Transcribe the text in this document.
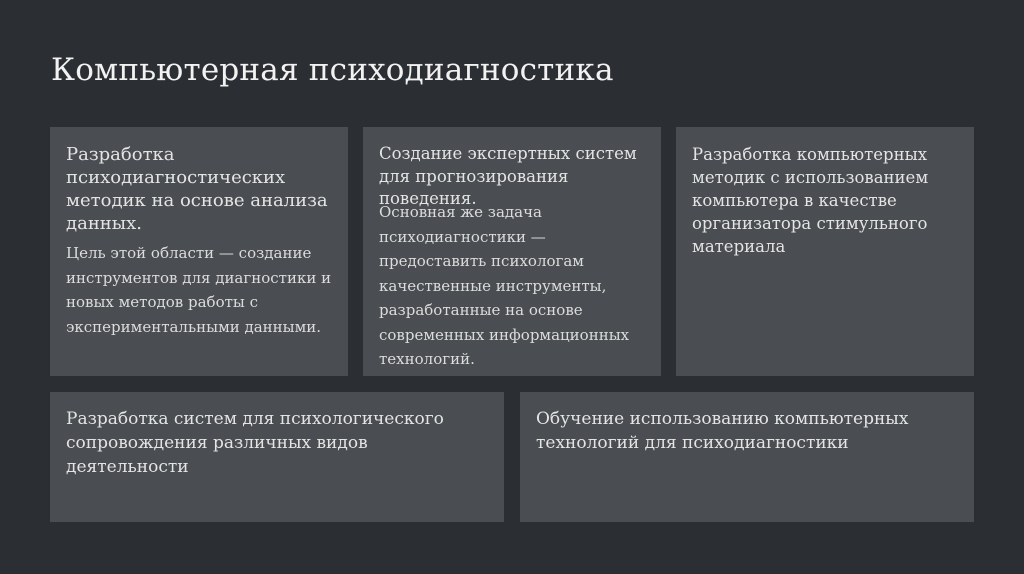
Компьютерная психодиагностика
Разработка психодиагностических методик на основе анализа данных.
Цель этой области — создание инструментов для диагностики и новых методов работы с экспериментальными данными.
Создание экспертных систем для прогнозирования поведения.
Основная же задача психодиагностики — предоставить психологам качественные инструменты, разработанные на основе современных информационных технологий.
Разработка компьютерных методик с использованием компьютера в качестве организатора стимульного материала
Разработка систем для психологического сопровождения различных видов деятельности
Обучение использованию компьютерных технологий для психодиагностики
